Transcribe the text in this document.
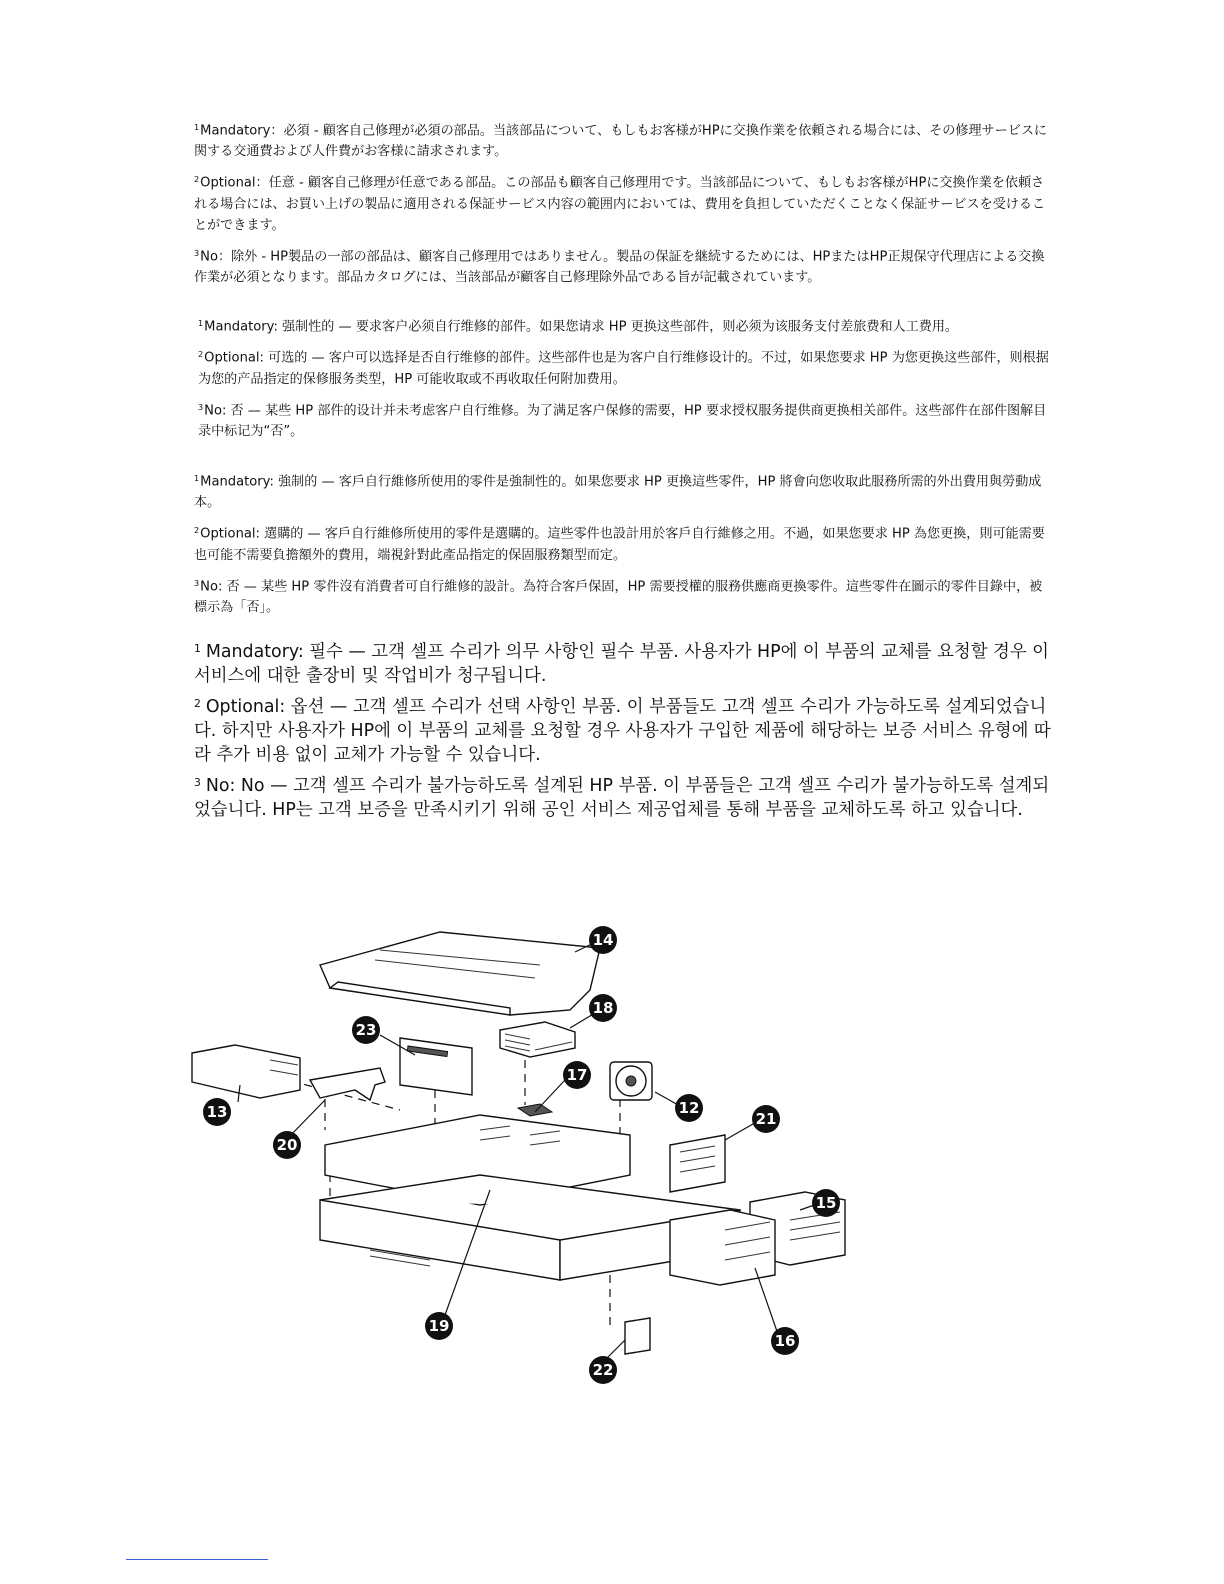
$^1$Mandatory：必須 - 顧客自己修理が必須の部品。当該部品について、もしもお客様がHPに交換作業を依頼される場合には、その修理サービスに関する交通費および人件費がお客様に請求されます。

$^2$Optional：任意 - 顧客自己修理が任意である部品。この部品も顧客自己修理用です。当該部品について、もしもお客様がHPに交換作業を依頼される場合には、お買い上げの製品に適用される保証サービス内容の範囲内においては、費用を負担していただくことなく保証サービスを受けることができます。

$^3$No：除外 - HP製品の一部の部品は、顧客自己修理用ではありません。製品の保証を継続するためには、HPまたはHP正規保守代理店による交換作業が必須となります。部品カタログには、当該部品が顧客自己修理除外品である旨が記載されています。

$^1$Mandatory: 强制性的 — 要求客户必须自行维修的部件。如果您请求 HP 更换这些部件，则必须为该服务支付差旅费和人工费用。

$^2$Optional: 可选的 — 客户可以选择是否自行维修的部件。这些部件也是为客户自行维修设计的。不过，如果您要求 HP 为您更换这些部件，则根据为您的产品指定的保修服务类型，HP 可能收取或不再收取任何附加费用。

$^3$No: 否 — 某些 HP 部件的设计并未考虑客户自行维修。为了满足客户保修的需要，HP 要求授权服务提供商更换相关部件。这些部件在部件图解目录中标记为“否”。

$^1$Mandatory: 強制的 — 客戶自行維修所使用的零件是強制性的。如果您要求 HP 更換這些零件，HP 將會向您收取此服務所需的外出費用與勞動成本。

$^2$Optional: 選購的 — 客戶自行維修所使用的零件是選購的。這些零件也設計用於客戶自行維修之用。不過，如果您要求 HP 為您更換，則可能需要也可能不需要負擔額外的費用，端視針對此產品指定的保固服務類型而定。

$^3$No: 否 — 某些 HP 零件沒有消費者可自行維修的設計。為符合客戶保固，HP 需要授權的服務供應商更換零件。這些零件在圖示的零件目錄中，被標示為「否」。

$^1$ Mandatory: 필수 — 고객 셀프 수리가 의무 사항인 필수 부품. 사용자가 HP에 이 부품의 교체를 요청할 경우 이 서비스에 대한 출장비 및 작업비가 청구됩니다.

$^2$ Optional: 옵션 — 고객 셀프 수리가 선택 사항인 부품. 이 부품들도 고객 셀프 수리가 가능하도록 설계되었습니다. 하지만 사용자가 HP에 이 부품의 교체를 요청할 경우 사용자가 구입한 제품에 해당하는 보증 서비스 유형에 따라 추가 비용 없이 교체가 가능할 수 있습니다.

$^3$ No: No — 고객 셀프 수리가 불가능하도록 설계된 HP 부품. 이 부품들은 고객 셀프 수리가 불가능하도록 설계되었습니다. HP는 고객 보증을 만족시키기 위해 공인 서비스 제공업체를 통해 부품을 교체하도록 하고 있습니다.

14
18
23
17
12
13
20
21
15
19
16
22
